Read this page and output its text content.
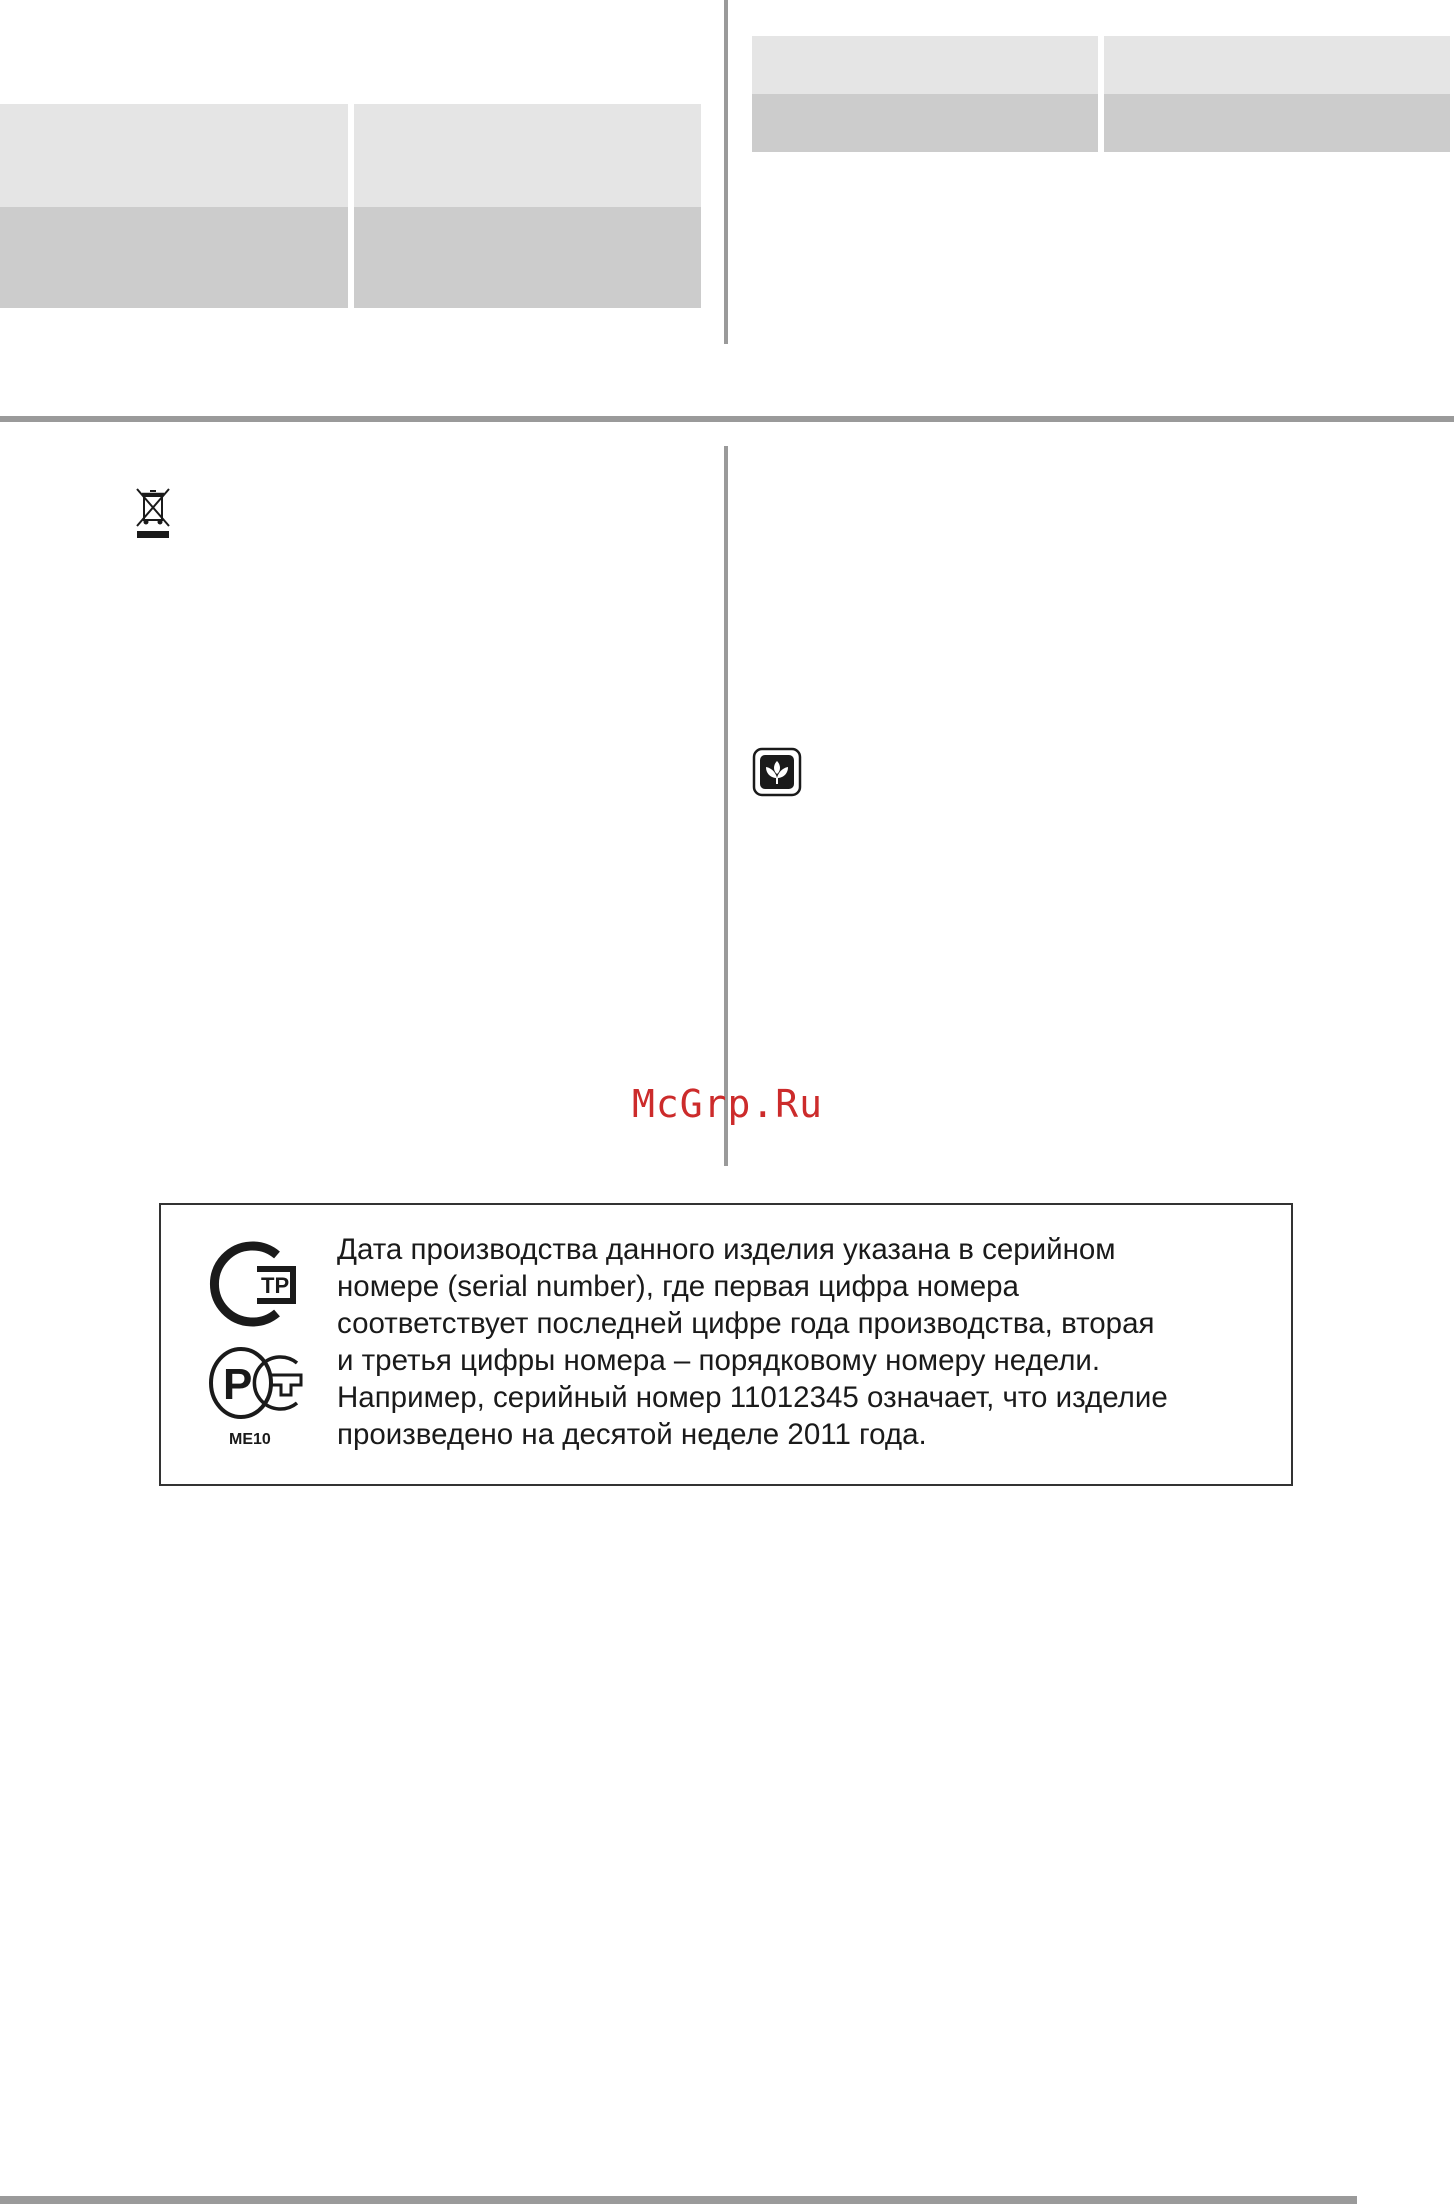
McGrp.Ru
ТР
Р
МЕ10
Дата производства данного изделия указана в серийном
номере (serial number), где первая цифра номера
соответствует последней цифре года производства, вторая
и третья цифры номера – порядковому номеру недели.
Например, серийный номер 11012345 означает, что изделие
произведено на десятой неделе 2011 года.
